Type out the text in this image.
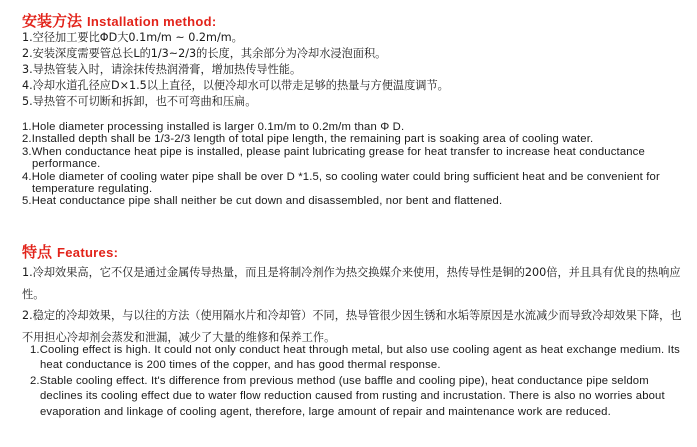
安装方法 Installation method:

1.空径加工要比ΦD大0.1m/m ~ 0.2m/m。

2.安装深度需要管总长L的1/3~2/3的长度，其余部分为冷却水浸泡面积。

3.导热管装入时，请涂抹传热润滑膏，增加热传导性能。

4.冷却水道孔径应D×1.5以上直径，以便冷却水可以带走足够的热量与方便温度调节。

5.导热管不可切断和拆卸，也不可弯曲和压扁。

1.Hole diameter processing installed is larger 0.1m/m to 0.2m/m than Φ D.

2.Installed depth shall be 1/3-2/3 length of total pipe length, the remaining part is soaking area of cooling water.

3.When conductance heat pipe is installed, please paint lubricating grease for heat transfer to increase heat conductance performance.

4.Hole diameter of cooling water pipe shall be over D *1.5, so cooling water could bring sufficient heat and be convenient for temperature regulating.

5.Heat conductance pipe shall neither be cut down and disassembled, nor bent and flattened.

特点 Features:

1.冷却效果高，它不仅是通过金属传导热量，而且是将制冷剂作为热交换媒介来使用，热传导性是铜的200倍，并且具有优良的热响应性。

2.稳定的冷却效果，与以往的方法（使用隔水片和冷却管）不同，热导管很少因生锈和水垢等原因是水流减少而导致冷却效果下降，也不用担心冷却剂会蒸发和泄漏，减少了大量的维修和保养工作。

1.Cooling effect is high. It could not only conduct heat through metal, but also use cooling agent as heat exchange medium. Its heat conductance is 200 times of the copper, and has good thermal response.

2.Stable cooling effect. It's difference from previous method (use baffle and cooling pipe), heat conductance pipe seldom declines its cooling effect due to water flow reduction caused from rusting and incrustation. There is also no worries about evaporation and linkage of cooling agent, therefore, large amount of repair and maintenance work are reduced.
